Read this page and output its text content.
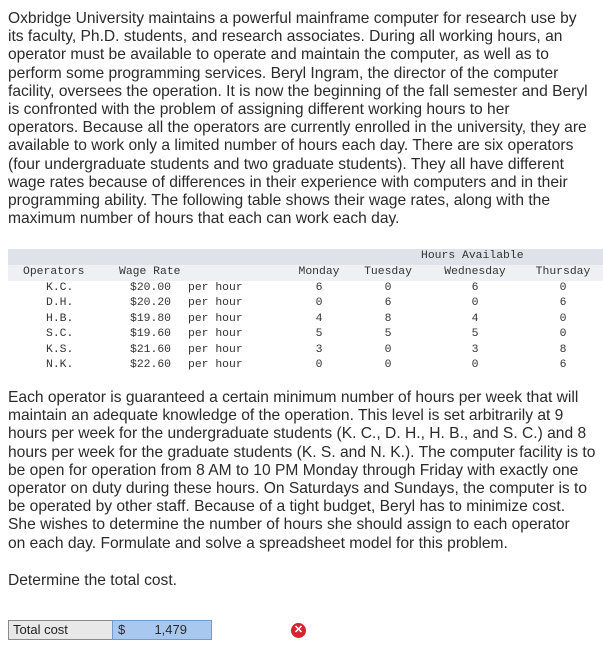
Oxbridge University maintains a powerful mainframe computer for research use by
its faculty, Ph.D. students, and research associates. During all working hours, an
operator must be available to operate and maintain the computer, as well as to
perform some programming services. Beryl Ingram, the director of the computer
facility, oversees the operation. It is now the beginning of the fall semester and Beryl
is confronted with the problem of assigning different working hours to her
operators. Because all the operators are currently enrolled in the university, they are
available to work only a limited number of hours each day. There are six operators
(four undergraduate students and two graduate students). They all have different
wage rates because of differences in their experience with computers and in their
programming ability. The following table shows their wage rates, along with the
maximum number of hours that each can work each day.
Hours Available
Operators	Wage Rate	Monday Tuesday	Wednesday	Thursday
K.C.	$20.00 per hour	6	0	6	0
D.H.	$20.20 per hour	0	6	0	6
H.B.	$19.80 per hour	4	8	4	0
S.C.	$19.60 per hour	5	5	5	0
K.S.	$21.60 per hour	3	0	3	8
N.K.	$22.60 per hour	0	0	0	6
Each operator is guaranteed a certain minimum number of hours per week that will
maintain an adequate knowledge of the operation. This level is set arbitrarily at 9
hours per week for the undergraduate students (K. C., D. H., H. B., and S. C.) and 8
hours per week for the graduate students (K. S. and N. K.). The computer facility is to
be open for operation from 8 AM to 10 PM Monday through Friday with exactly one
operator on duty during these hours. On Saturdays and Sundays, the computer is to
be operated by other staff. Because of a tight budget, Beryl has to minimize cost.
She wishes to determine the number of hours she should assign to each operator
on each day. Formulate and solve a spreadsheet model for this problem.
Determine the total cost.
Total cost	$ 1,479	✕
